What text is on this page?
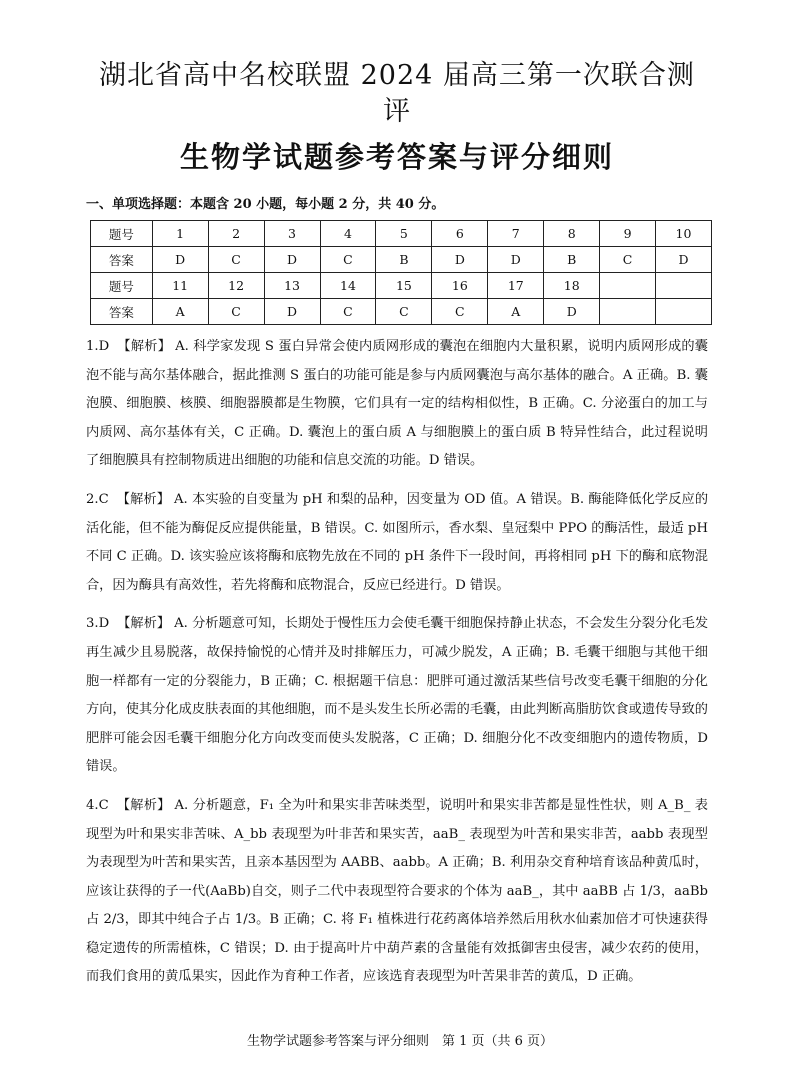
湖北省高中名校联盟 2024 届高三第一次联合测评
生物学试题参考答案与评分细则
一、单项选择题：本题含 20 小题，每小题 2 分，共 40 分。
题号	1	2	3	4	5	6	7	8	9	10
答案	D	C	D	C	B	D	D	B	C	D
题号	11	12	13	14	15	16	17	18		
答案	A	C	D	C	C	C	A	D		

1.D 【解析】 A. 科学家发现 S 蛋白异常会使内质网形成的囊泡在细胞内大量积累，说明内质网形成的囊泡不能与高尔基体融合，据此推测 S 蛋白的功能可能是参与内质网囊泡与高尔基体的融合。A 正确。B. 囊泡膜、细胞膜、核膜、细胞器膜都是生物膜，它们具有一定的结构相似性，B 正确。C. 分泌蛋白的加工与内质网、高尔基体有关，C 正确。D. 囊泡上的蛋白质 A 与细胞膜上的蛋白质 B 特异性结合，此过程说明了细胞膜具有控制物质进出细胞的功能和信息交流的功能。D 错误。

2.C 【解析】 A. 本实验的自变量为 pH 和梨的品种，因变量为 OD 值。A 错误。B. 酶能降低化学反应的活化能，但不能为酶促反应提供能量，B 错误。C. 如图所示，香水梨、皇冠梨中 PPO 的酶活性，最适 pH 不同 C 正确。D. 该实验应该将酶和底物先放在不同的 pH 条件下一段时间，再将相同 pH 下的酶和底物混合，因为酶具有高效性，若先将酶和底物混合，反应已经进行。D 错误。

3.D 【解析】 A. 分析题意可知，长期处于慢性压力会使毛囊干细胞保持静止状态，不会发生分裂分化毛发再生减少且易脱落，故保持愉悦的心情并及时排解压力，可减少脱发，A 正确；B. 毛囊干细胞与其他干细胞一样都有一定的分裂能力，B 正确；C. 根据题干信息：肥胖可通过激活某些信号改变毛囊干细胞的分化方向，使其分化成皮肤表面的其他细胞，而不是头发生长所必需的毛囊，由此判断高脂肪饮食或遗传导致的肥胖可能会因毛囊干细胞分化方向改变而使头发脱落，C 正确；D. 细胞分化不改变细胞内的遗传物质，D 错误。

4.C 【解析】 A. 分析题意，F₁ 全为叶和果实非苦味类型，说明叶和果实非苦都是显性性状，则 A_B_ 表现型为叶和果实非苦味、A_bb 表现型为叶非苦和果实苦，aaB_ 表现型为叶苦和果实非苦，aabb 表现型为表现型为叶苦和果实苦，且亲本基因型为 AABB、aabb。A 正确；B. 利用杂交育种培育该品种黄瓜时，应该让获得的子一代(AaBb)自交，则子二代中表现型符合要求的个体为 aaB_，其中 aaBB 占 1/3，aaBb 占 2/3，即其中纯合子占 1/3。B 正确；C. 将 F₁ 植株进行花药离体培养然后用秋水仙素加倍才可快速获得稳定遗传的所需植株，C 错误；D. 由于提高叶片中葫芦素的含量能有效抵御害虫侵害，减少农药的使用，而我们食用的黄瓜果实，因此作为育种工作者，应该选育表现型为叶苦果非苦的黄瓜，D 正确。

生物学试题参考答案与评分细则　第 1 页（共 6 页）
